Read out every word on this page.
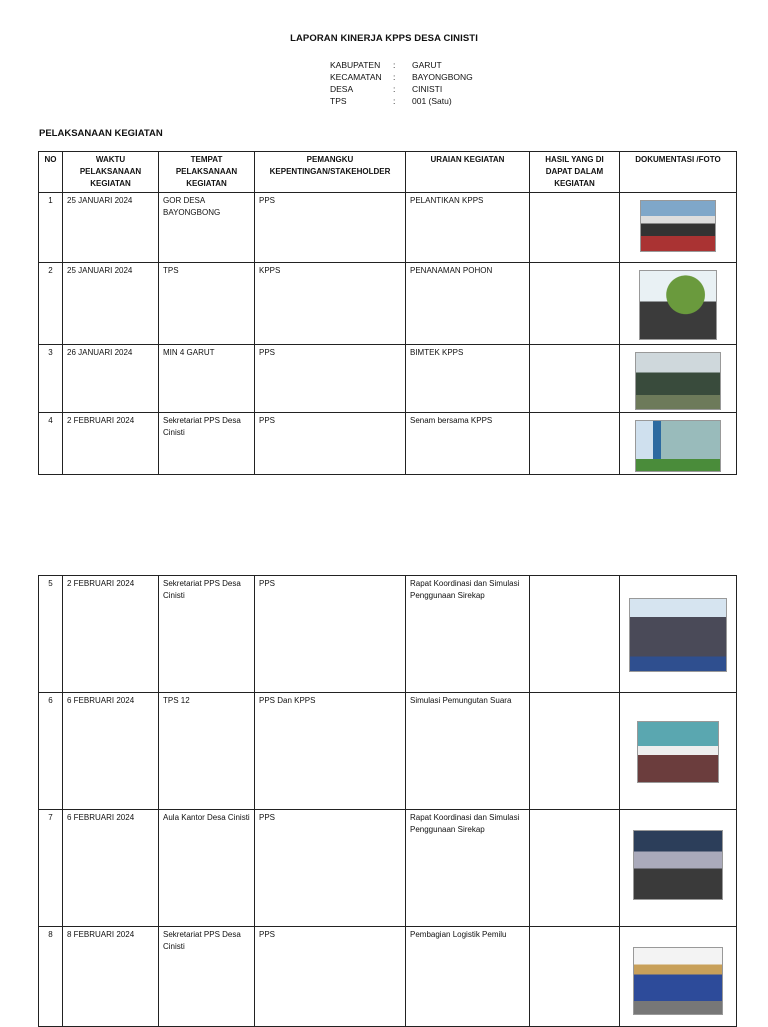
LAPORAN KINERJA KPPS DESA CINISTI
KABUPATEN	:	GARUT
KECAMATAN	:	BAYONGBONG
DESA	:	CINISTI
TPS	:	001 (Satu)
PELAKSANAAN KEGIATAN
NO	WAKTU PELAKSANAAN KEGIATAN	TEMPAT PELAKSANAAN KEGIATAN	PEMANGKU KEPENTINGAN/STAKEHOLDER	URAIAN KEGIATAN	HASIL YANG DI DAPAT DALAM KEGIATAN	DOKUMENTASI /FOTO
1	25 JANUARI 2024	GOR DESA BAYONGBONG	PPS	PELANTIKAN KPPS		

2	25 JANUARI 2024	TPS	KPPS	PENANAMAN POHON		

3	26 JANUARI 2024	MIN 4 GARUT	PPS	BIMTEK KPPS		

4	2 FEBRUARI 2024	Sekretariat PPS Desa Cinisti	PPS	Senam bersama KPPS		
5	2 FEBRUARI 2024	Sekretariat PPS Desa Cinisti	PPS	Rapat Koordinasi dan Simulasi Penggunaan Sirekap		

6	6 FEBRUARI 2024	TPS 12	PPS Dan KPPS	Simulasi Pemungutan Suara		

7	6 FEBRUARI 2024	Aula Kantor Desa Cinisti	PPS	Rapat Koordinasi dan Simulasi Penggunaan Sirekap		

8	8 FEBRUARI 2024	Sekretariat PPS Desa Cinisti	PPS	Pembagian Logistik Pemilu		
